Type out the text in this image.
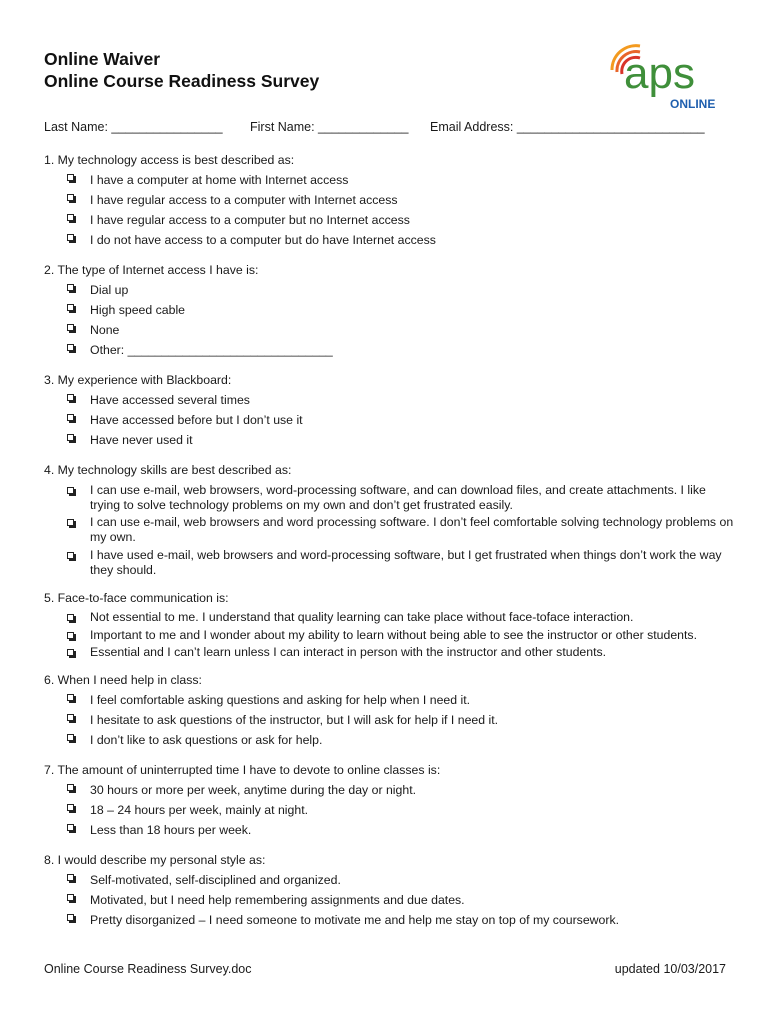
Online Waiver
Online Course Readiness Survey	aps
ONLINE
Last Name: ________________ First Name: _____________ Email Address: ___________________________
1. My technology access is best described as:
I have a computer at home with Internet access
I have regular access to a computer with Internet access
I have regular access to a computer but no Internet access
I do not have access to a computer but do have Internet access
2. The type of Internet access I have is:
Dial up
High speed cable
None
Other: ______________________________
3. My experience with Blackboard:
Have accessed several times
Have accessed before but I don’t use it
Have never used it
4. My technology skills are best described as:
I can use e-mail, web browsers, word-processing software, and can download files, and create attachments. I like trying to solve technology problems on my own and don’t get frustrated easily.
I can use e-mail, web browsers and word processing software. I don’t feel comfortable solving technology problems on my own.
I have used e-mail, web browsers and word-processing software, but I get frustrated when things don’t work the way they should.
5. Face-to-face communication is:
Not essential to me. I understand that quality learning can take place without face-toface interaction.
Important to me and I wonder about my ability to learn without being able to see the instructor or other students.
Essential and I can’t learn unless I can interact in person with the instructor and other students.
6. When I need help in class:
I feel comfortable asking questions and asking for help when I need it.
I hesitate to ask questions of the instructor, but I will ask for help if I need it.
I don’t like to ask questions or ask for help.
7. The amount of uninterrupted time I have to devote to online classes is:
30 hours or more per week, anytime during the day or night.
18 – 24 hours per week, mainly at night.
Less than 18 hours per week.
8. I would describe my personal style as:
Self-motivated, self-disciplined and organized.
Motivated, but I need help remembering assignments and due dates.
Pretty disorganized – I need someone to motivate me and help me stay on top of my coursework.
Online Course Readiness Survey.doc	updated 10/03/2017
